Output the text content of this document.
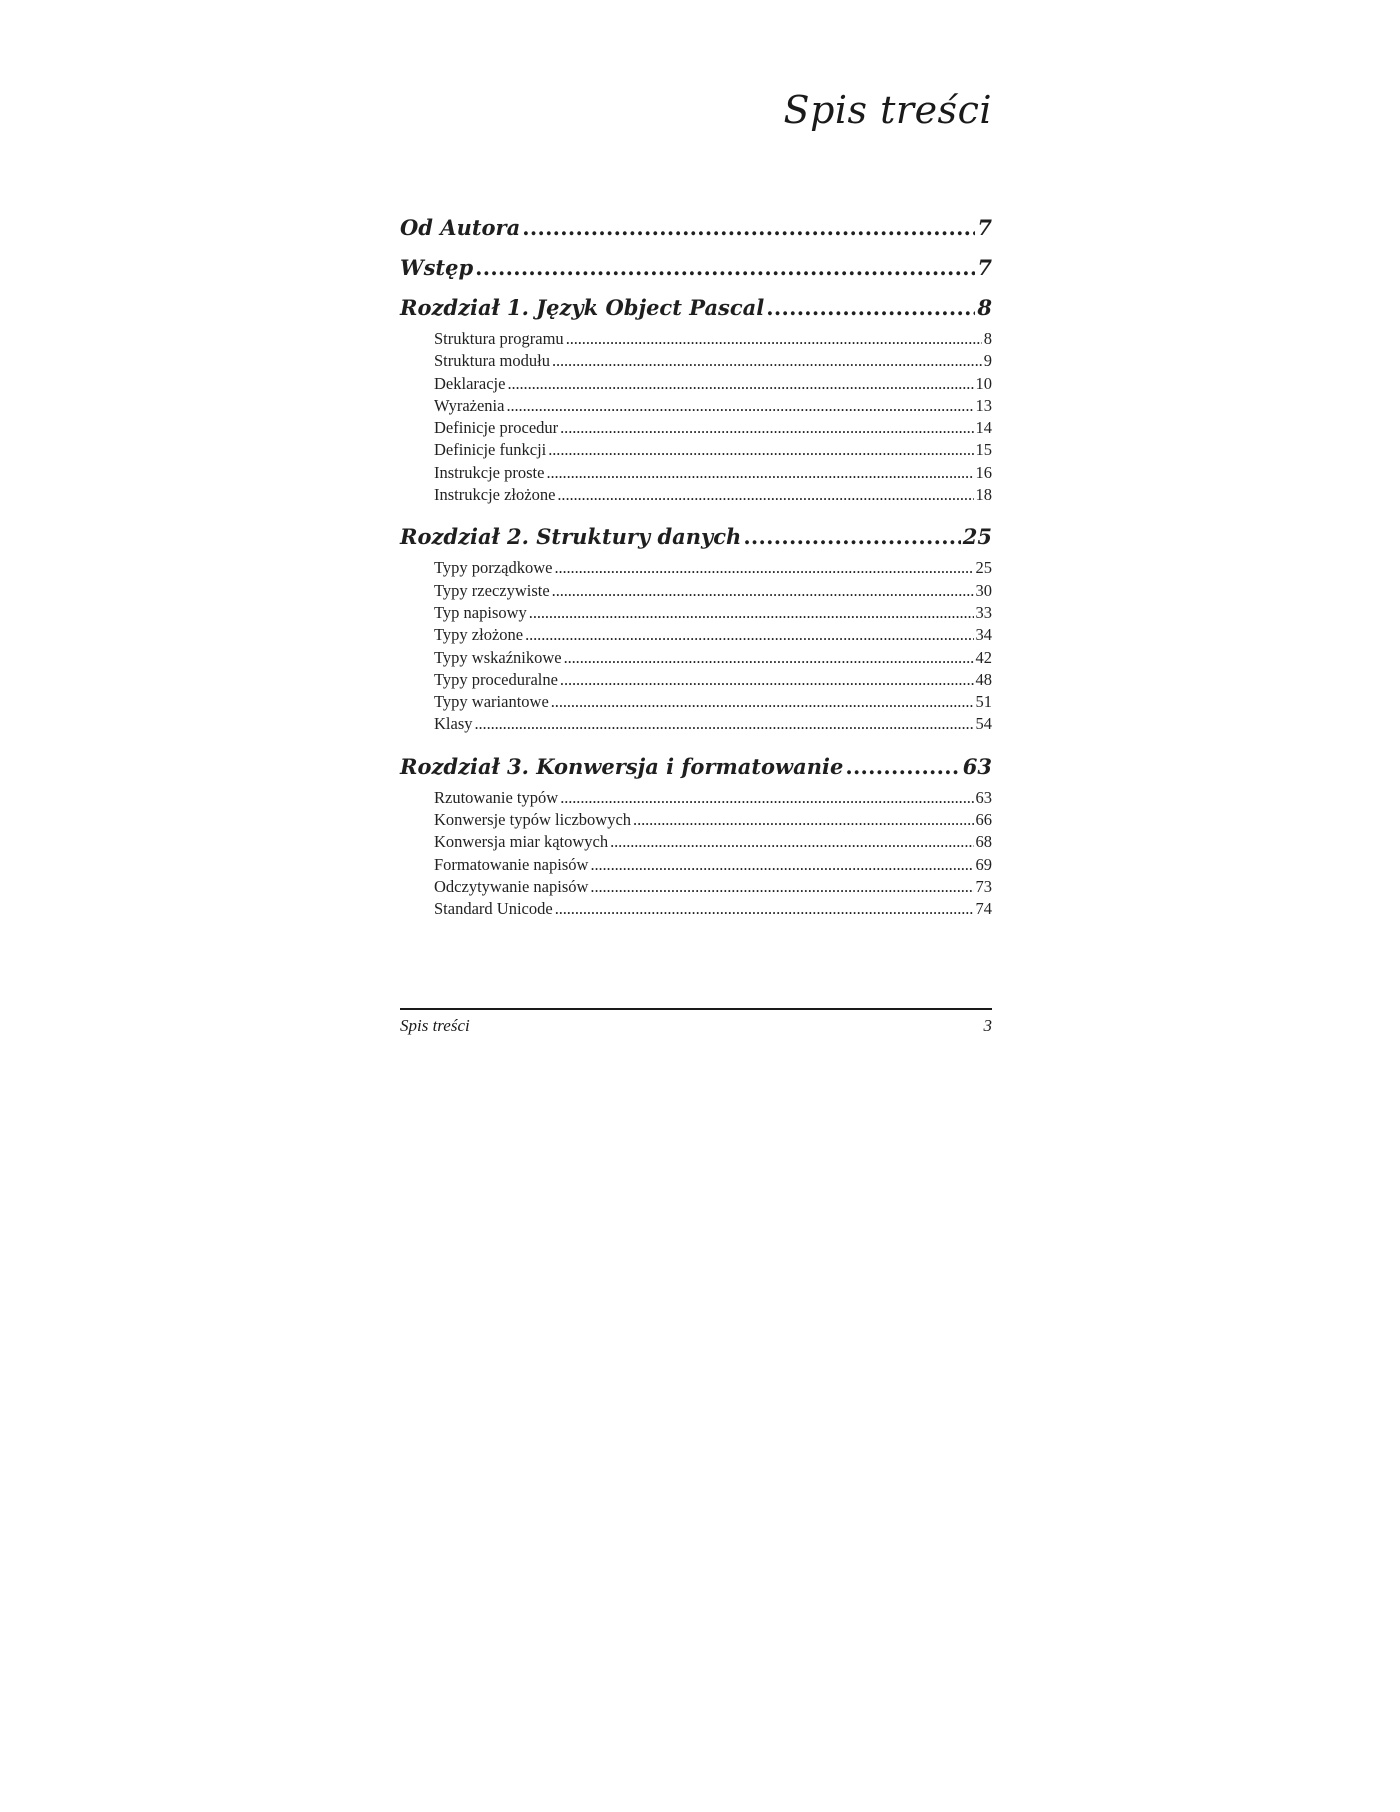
Spis treści
Od Autora .....	7
Wstęp .....	7
Rozdział 1. Język Object Pascal .....	8
Struktura programu .....	8
Struktura modułu .....	9
Deklaracje .....	10
Wyrażenia .....	13
Definicje procedur .....	14
Definicje funkcji .....	15
Instrukcje proste .....	16
Instrukcje złożone .....	18
Rozdział 2. Struktury danych .....	25
Typy porządkowe .....	25
Typy rzeczywiste .....	30
Typ napisowy .....	33
Typy złożone .....	34
Typy wskaźnikowe .....	42
Typy proceduralne .....	48
Typy wariantowe .....	51
Klasy .....	54
Rozdział 3. Konwersja i formatowanie .....	63
Rzutowanie typów .....	63
Konwersje typów liczbowych .....	66
Konwersja miar kątowych .....	68
Formatowanie napisów .....	69
Odczytywanie napisów .....	73
Standard Unicode .....	74
Spis treści	3
